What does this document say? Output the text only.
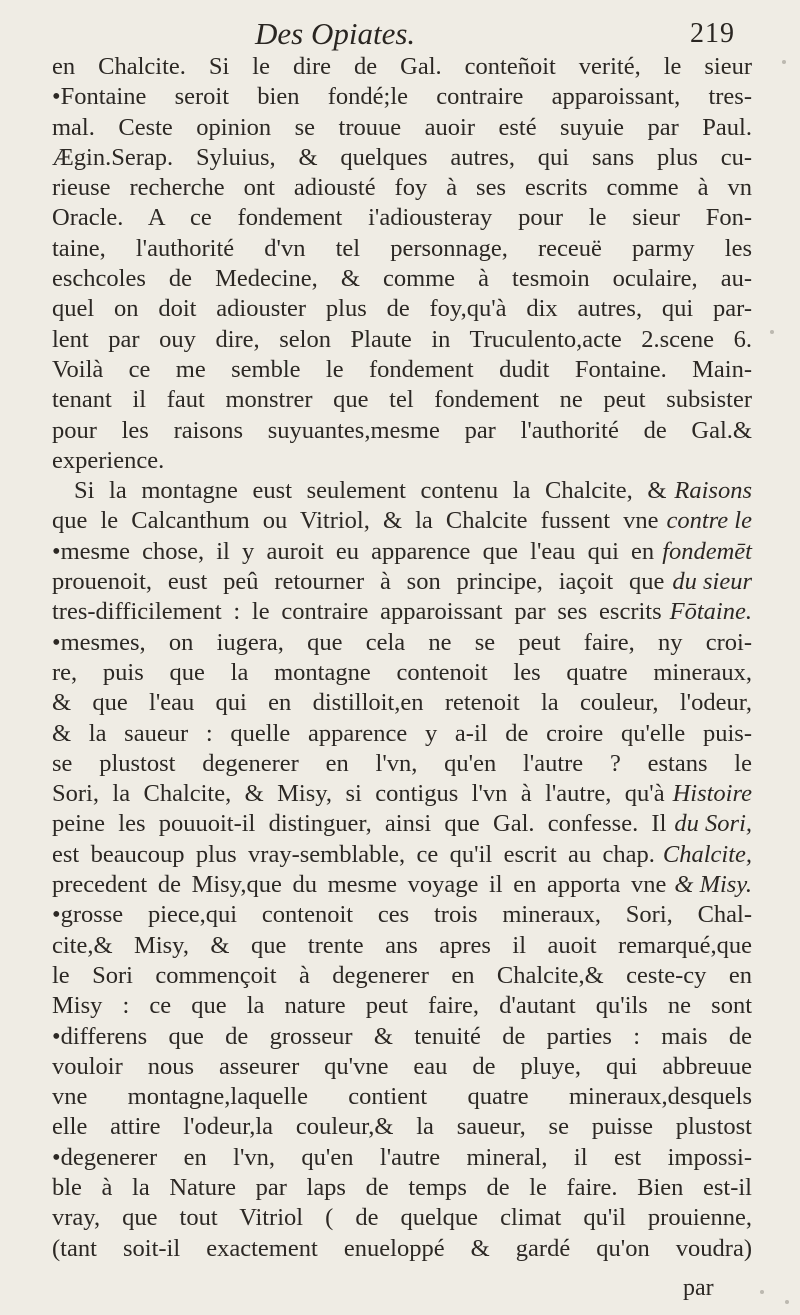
Des Opiates.	219
en Chalcite. Si le dire de Gal. conteñoit verité, le sieur
•Fontaine seroit bien fondé;le contraire apparoissant, tres-
mal. Ceste opinion se trouue auoir esté suyuie par Paul.
Ægin.Serap. Syluius, & quelques autres, qui sans plus cu-
rieuse recherche ont adiousté foy à ses escrits comme à vn
Oracle. A ce fondement i'adiousteray pour le sieur Fon-
taine, l'authorité d'vn tel personnage, receuë parmy les
eschcoles de Medecine, & comme à tesmoin oculaire, au-
quel on doit adiouster plus de foy,qu'à dix autres, qui par-
lent par ouy dire, selon Plaute in Truculento,acte 2.scene 6.
Voilà ce me semble le fondement dudit Fontaine. Main-
tenant il faut monstrer que tel fondement ne peut subsister
pour les raisons suyuantes,mesme par l'authorité de Gal.&
experience.
Si la montagne eust seulement contenu la Chalcite, & Raisons
que le Calcanthum ou Vitriol, & la Chalcite fussent vne contre le
•mesme chose, il y auroit eu apparence que l'eau qui en fondemēt
prouenoit, eust peû retourner à son principe, iaçoit que du sieur
tres-difficilement : le contraire apparoissant par ses escrits Fōtaine.
•mesmes, on iugera, que cela ne se peut faire, ny croi-
re, puis que la montagne contenoit les quatre mineraux,
& que l'eau qui en distilloit,en retenoit la couleur, l'odeur,
& la saueur : quelle apparence y a-il de croire qu'elle puis-
se plustost degenerer en l'vn, qu'en l'autre ? estans le
Sori, la Chalcite, & Misy, si contigus l'vn à l'autre, qu'à Histoire
peine les pouuoit-il distinguer, ainsi que Gal. confesse. Il du Sori,
est beaucoup plus vray-semblable, ce qu'il escrit au chap. Chalcite,
precedent de Misy,que du mesme voyage il en apporta vne & Misy.
•grosse piece,qui contenoit ces trois mineraux, Sori, Chal-
cite,& Misy, & que trente ans apres il auoit remarqué,que
le Sori commençoit à degenerer en Chalcite,& ceste-cy en
Misy : ce que la nature peut faire, d'autant qu'ils ne sont
•differens que de grosseur & tenuité de parties : mais de
vouloir nous asseurer qu'vne eau de pluye, qui abbreuue
vne montagne,laquelle contient quatre mineraux,desquels
elle attire l'odeur,la couleur,& la saueur, se puisse plustost
•degenerer en l'vn, qu'en l'autre mineral, il est impossi-
ble à la Nature par laps de temps de le faire. Bien est-il
vray, que tout Vitriol ( de quelque climat qu'il prouienne,
(tant soit-il exactement enueloppé & gardé qu'on voudra)
par
